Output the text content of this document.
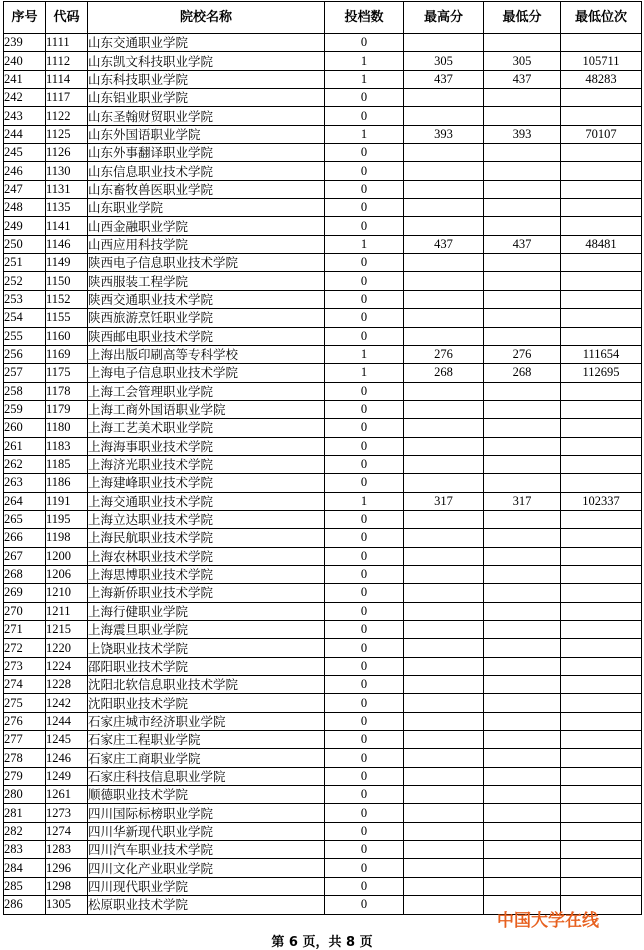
序号	代码	院校名称	投档数	最高分	最低分	最低位次
239	1111	山东交通职业学院	0			
240	1112	山东凯文科技职业学院	1	305	305	105711
241	1114	山东科技职业学院	1	437	437	48283
242	1117	山东铝业职业学院	0			
243	1122	山东圣翰财贸职业学院	0			
244	1125	山东外国语职业学院	1	393	393	70107
245	1126	山东外事翻译职业学院	0			
246	1130	山东信息职业技术学院	0			
247	1131	山东畜牧兽医职业学院	0			
248	1135	山东职业学院	0			
249	1141	山西金融职业学院	0			
250	1146	山西应用科技学院	1	437	437	48481
251	1149	陕西电子信息职业技术学院	0			
252	1150	陕西服装工程学院	0			
253	1152	陕西交通职业技术学院	0			
254	1155	陕西旅游烹饪职业学院	0			
255	1160	陕西邮电职业技术学院	0			
256	1169	上海出版印刷高等专科学校	1	276	276	111654
257	1175	上海电子信息职业技术学院	1	268	268	112695
258	1178	上海工会管理职业学院	0			
259	1179	上海工商外国语职业学院	0			
260	1180	上海工艺美术职业学院	0			
261	1183	上海海事职业技术学院	0			
262	1185	上海济光职业技术学院	0			
263	1186	上海建峰职业技术学院	0			
264	1191	上海交通职业技术学院	1	317	317	102337
265	1195	上海立达职业技术学院	0			
266	1198	上海民航职业技术学院	0			
267	1200	上海农林职业技术学院	0			
268	1206	上海思博职业技术学院	0			
269	1210	上海新侨职业技术学院	0			
270	1211	上海行健职业学院	0			
271	1215	上海震旦职业学院	0			
272	1220	上饶职业技术学院	0			
273	1224	邵阳职业技术学院	0			
274	1228	沈阳北软信息职业技术学院	0			
275	1242	沈阳职业技术学院	0			
276	1244	石家庄城市经济职业学院	0			
277	1245	石家庄工程职业学院	0			
278	1246	石家庄工商职业学院	0			
279	1249	石家庄科技信息职业学院	0			
280	1261	顺德职业技术学院	0			
281	1273	四川国际标榜职业学院	0			
282	1274	四川华新现代职业学院	0			
283	1283	四川汽车职业技术学院	0			
284	1296	四川文化产业职业学院	0			
285	1298	四川现代职业学院	0			
286	1305	松原职业技术学院	0			
第 6 页，共 8 页
中国大学在线
